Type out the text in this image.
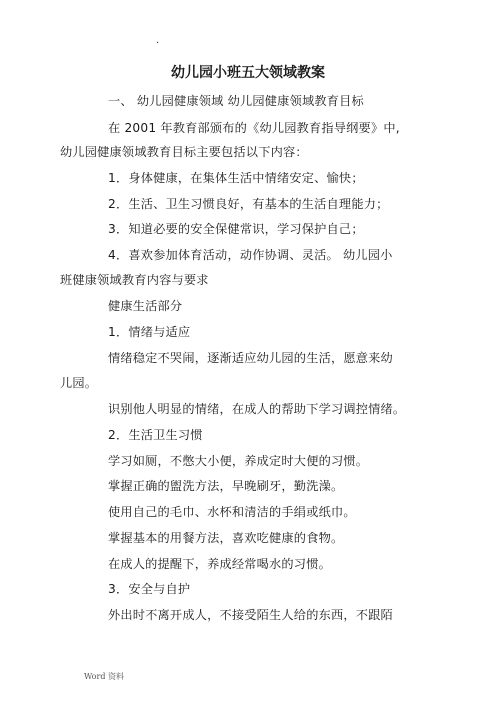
.
幼儿园小班五大领域教案
一、 幼儿园健康领域 幼儿园健康领域教育目标
在 2001 年教育部颁布的《幼儿园教育指导纲要》中,
幼儿园健康领域教育目标主要包括以下内容：
1．身体健康，在集体生活中情绪安定、愉快；
2．生活、卫生习惯良好，有基本的生活自理能力；
3．知道必要的安全保健常识，学习保护自己；
4．喜欢参加体育活动，动作协调、灵活。 幼儿园小
班健康领域教育内容与要求
健康生活部分
1．情绪与适应
情绪稳定不哭闹，逐渐适应幼儿园的生活，愿意来幼
儿园。
识别他人明显的情绪，在成人的帮助下学习调控情绪。
2．生活卫生习惯
学习如厕，不憋大小便，养成定时大便的习惯。
掌握正确的盥洗方法，早晚刷牙，勤洗澡。
使用自己的毛巾、水杯和清洁的手绢或纸巾。
掌握基本的用餐方法，喜欢吃健康的食物。
在成人的提醒下，养成经常喝水的习惯。
3．安全与自护
外出时不离开成人，不接受陌生人给的东西，不跟陌
Word 资料
